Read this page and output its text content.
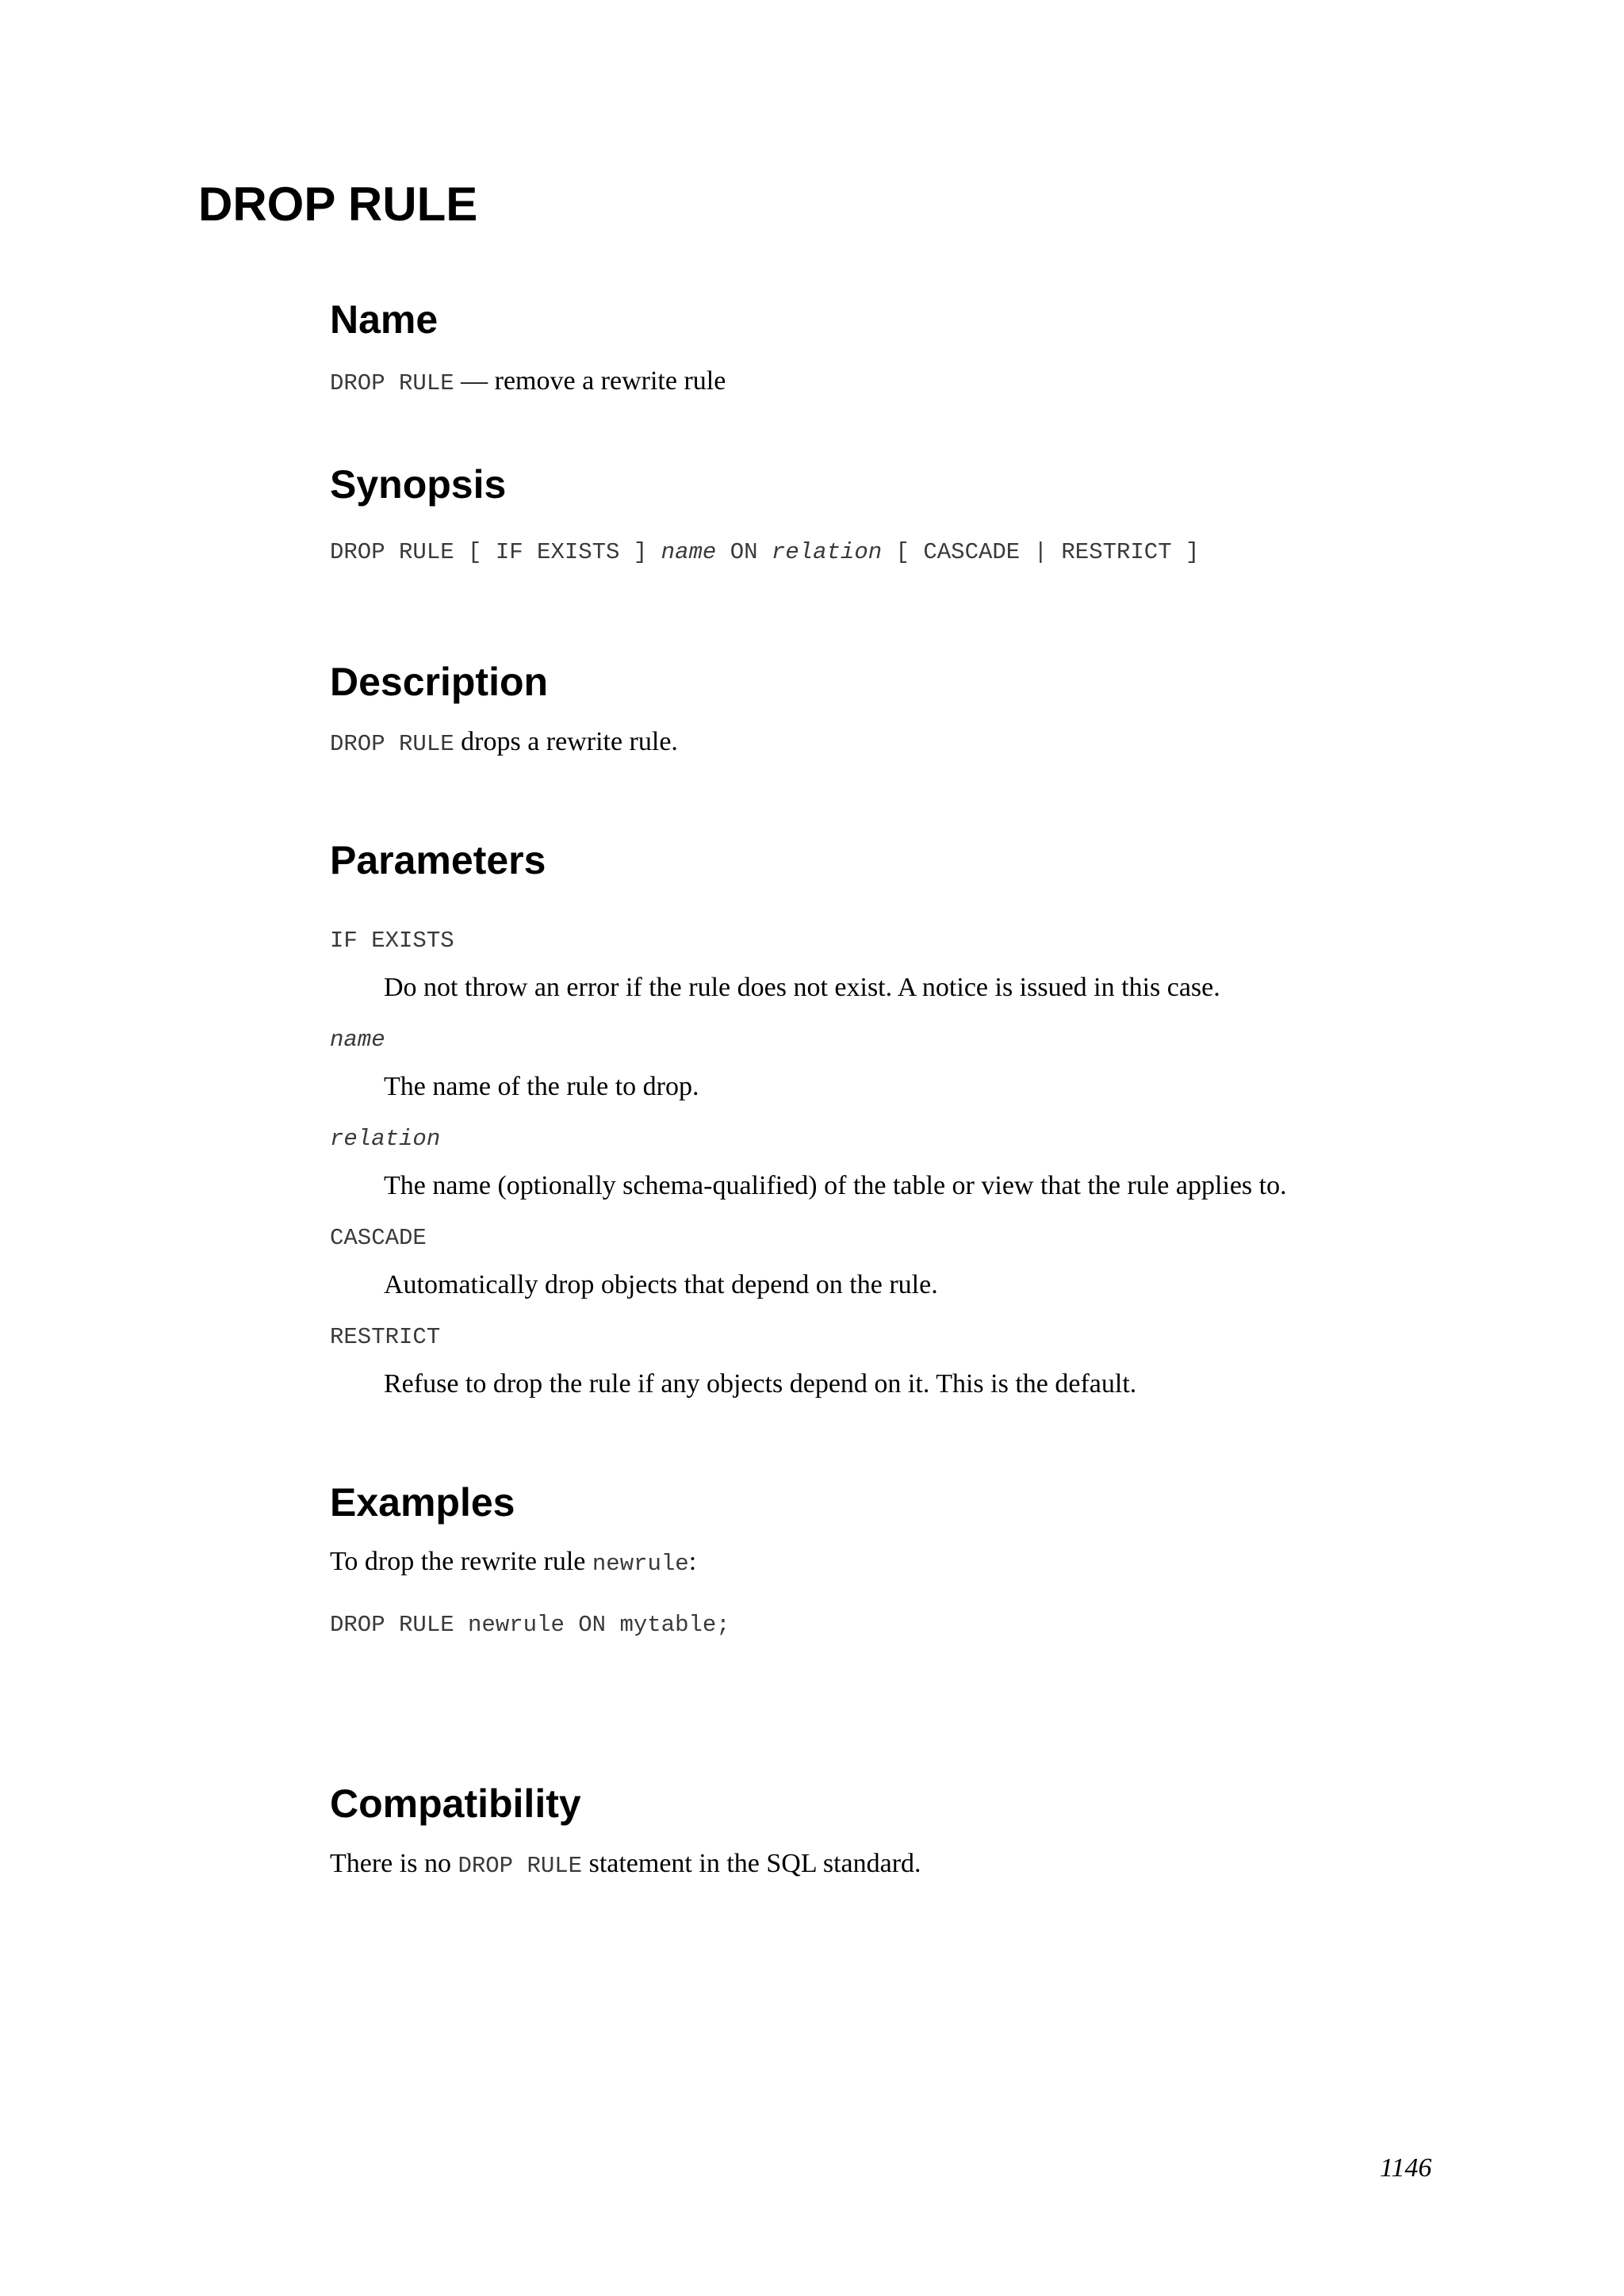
DROP RULE
Name

DROP RULE — remove a rewrite rule

Synopsis

DROP RULE [ IF EXISTS ] name ON relation [ CASCADE | RESTRICT ]

Description

DROP RULE drops a rewrite rule.

Parameters

IF EXISTS

Do not throw an error if the rule does not exist. A notice is issued in this case.

name

The name of the rule to drop.

relation

The name (optionally schema-qualified) of the table or view that the rule applies to.

CASCADE

Automatically drop objects that depend on the rule.

RESTRICT

Refuse to drop the rule if any objects depend on it. This is the default.

Examples

To drop the rewrite rule newrule:

DROP RULE newrule ON mytable;

Compatibility

There is no DROP RULE statement in the SQL standard.

1146
